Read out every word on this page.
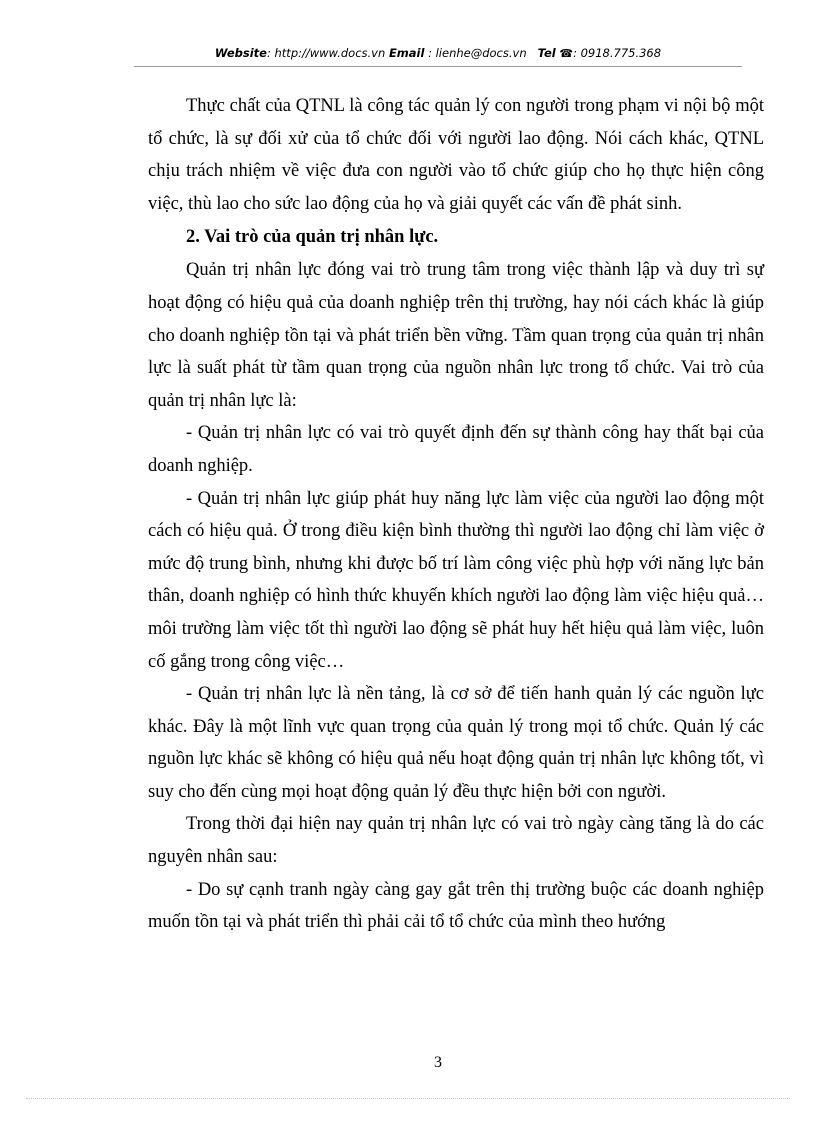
Website: http://www.docs.vn Email : lienhe@docs.vn Tel ☎: 0918.775.368

Thực chất của QTNL là công tác quản lý con người trong phạm vi nội bộ một tổ chức, là sự đối xử của tổ chức đối với người lao động. Nói cách khác, QTNL chịu trách nhiệm về việc đưa con người vào tổ chức giúp cho họ thực hiện công việc, thù lao cho sức lao động của họ và giải quyết các vấn đề phát sinh.

2. Vai trò của quản trị nhân lực.

Quản trị nhân lực đóng vai trò trung tâm trong việc thành lập và duy trì sự hoạt động có hiệu quả của doanh nghiệp trên thị trường, hay nói cách khác là giúp cho doanh nghiệp tồn tại và phát triển bền vững. Tầm quan trọng của quản trị nhân lực là suất phát từ tầm quan trọng của nguồn nhân lực trong tổ chức. Vai trò của quản trị nhân lực là:

- Quản trị nhân lực có vai trò quyết định đến sự thành công hay thất bại của doanh nghiệp.

- Quản trị nhân lực giúp phát huy năng lực làm việc của người lao động một cách có hiệu quả. Ở trong điều kiện bình thường thì người lao động chỉ làm việc ở mức độ trung bình, nhưng khi được bố trí làm công việc phù hợp với năng lực bản thân, doanh nghiệp có hình thức khuyến khích người lao động làm việc hiệu quả…môi trường làm việc tốt thì người lao động sẽ phát huy hết hiệu quả làm việc, luôn cố gắng trong công việc…

- Quản trị nhân lực là nền tảng, là cơ sở để tiến hanh quản lý các nguồn lực khác. Đây là một lĩnh vực quan trọng của quản lý trong mọi tổ chức. Quản lý các nguồn lực khác sẽ không có hiệu quả nếu hoạt động quản trị nhân lực không tốt, vì suy cho đến cùng mọi hoạt động quản lý đều thực hiện bởi con người.

Trong thời đại hiện nay quản trị nhân lực có vai trò ngày càng tăng là do các nguyên nhân sau:

- Do sự cạnh tranh ngày càng gay gắt trên thị trường buộc các doanh nghiệp muốn tồn tại và phát triển thì phải cải tổ tổ chức của mình theo hướng

3
